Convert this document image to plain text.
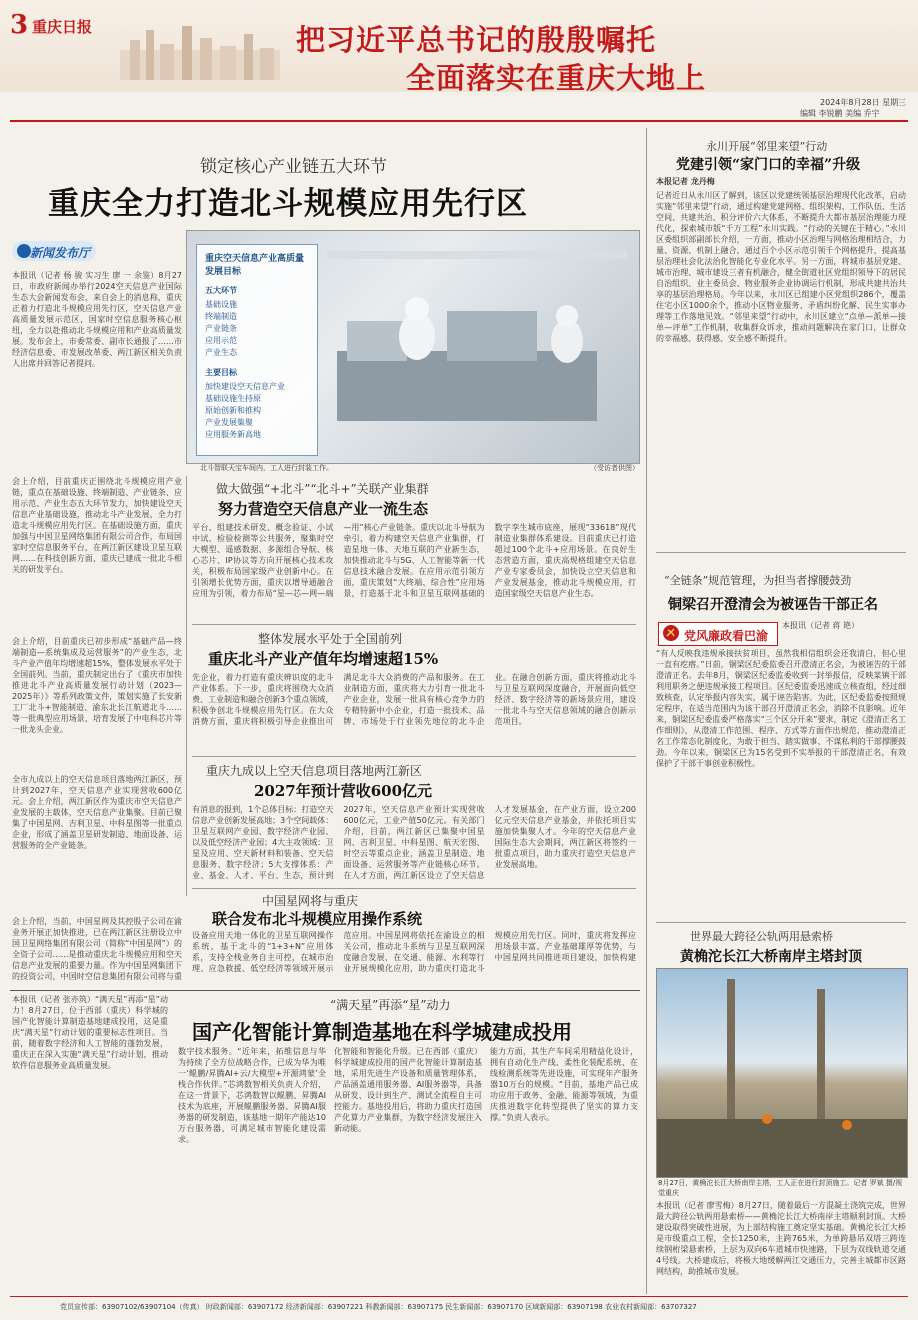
3 重庆日报	把习近平总书记的殷殷嘱托
全面落实在重庆大地上
2024年8月28日 星期三
编辑 李锐鹏 美编 乔宇
锁定核心产业链五大环节
重庆全力打造北斗规模应用先行区
新闻发布厅	重庆空天信息产业高质量发展目标
五大环节
基础设施
终端制造
产业链条
应用示范
产业生态
主要目标
加快建设空天信息产业
基础设施生持原
原始创新和推构
产业发展集聚
应用服务新高地
北斗智联天宝车间内，工人进行封装工作。	（受访者供图）
本报讯（记者 杨 骏 实习生 廖 一 余鉴）8月27日，市政府新闻办举行2024空天信息产业国际生态大会新闻发布会，来自会上的消息称，重庆正着力打造北斗规模应用先行区，空天信息产业高质量发展示范区，国家时空信息服务核心枢纽，全力以赴推动北斗规模应用和产业高质量发展。发布会上，市委常委、副市长通报了……市经济信息委、市发展改革委、两江新区相关负责人出席并回答记者提问。
会上介绍，目前重庆正围绕北斗规模应用产业链，重点在基础设施、终端制造、产业链条、应用示范、产业生态五大环节发力，加快建设空天信息产业基础设施，推动北斗产业发展，全力打造北斗规模应用先行区。在基础设施方面，重庆加强与中国卫星网络集团有限公司合作，布局国家时空信息服务平台，在两江新区建设卫星互联网……在科技创新方面，重庆已建成一批北斗相关的研发平台。
会上介绍，目前重庆已初步形成“基础产品—终端制造—系统集成及运营服务”的产业生态，北斗产业产值年均增速超15%，整体发展水平处于全国前列。当前，重庆制定出台了《重庆市加快推进北斗产业高质量发展行动计划（2023—2025年）》等系列政策文件，策划实施了长安新工厂北斗+智能制造、渝东北长江航道北斗……等一批典型应用场景，培育发展了中电科芯片等一批龙头企业。
全市九成以上的空天信息项目落地两江新区，预计到2027年，空天信息产业实现营收600亿元。会上介绍，两江新区作为重庆市空天信息产业发展的主载体，空天信息产业集聚。目前已聚集了中国星网、吉利卫星、中科星图等一批重点企业，形成了涵盖卫星研发制造、地面设备、运营服务的全产业链条。
做大做强“+北斗”“北斗+”关联产业集群
努力营造空天信息产业一流生态
平台、组建技术研发、概念验证、小试中试、检验检测等公共服务，聚集时空大模型、遥感数据、多源组合导航、核心芯片、IP协议等方向开展核心技术攻关，积极布局国家级产业创新中心。在引领增长优势方面，重庆以增导通融合应用为引领，着力布局“星—芯—网—端—用”核心产业链条。重庆以北斗导航为牵引，着力构建空天信息产业集群，打造星地一体、天地互联的产业新生态，加快推动北斗与5G、人工智能等新一代信息技术融合发展。在应用示范引领方面，重庆策划“大终端、综合性”应用场景，打造基于北斗和卫星互联网基础的数字孪生城市底座，展现“33618”现代制造业集群体系建设。目前重庆已打造超过100个北斗+应用场景。在良好生态营造方面，重庆高规格组建空天信息产业专家委员会，加快设立空天信息和产业发展基金，推动北斗规模应用，打造国家级空天信息产业生态。
整体发展水平处于全国前列
重庆北斗产业产值年均增速超15%
先企业，着力打造有重庆辨识度的北斗产业体系。下一步，重庆将围绕大众消费、工业制造和融合创新3个重点领域，积极争创北斗规模应用先行区。在大众消费方面，重庆将积极引导企业推出可满足北斗大众消费的产品和服务。在工业制造方面，重庆将大力引育一批北斗产业企业，发展一批具有核心竞争力的专精特新中小企业，打造一批技术、品牌、市场处于行业领先地位的北斗企业。在融合创新方面，重庆将推动北斗与卫星互联网深度融合，开展面向低空经济、数字经济等的新场景应用，建设一批北斗与空天信息领域的融合创新示范项目。
重庆九成以上空天信息项目落地两江新区
2027年预计营收600亿元
有消息的报到，1个总体目标：打造空天信息产业创新发展高地；3个空间载体：卫星互联网产业园、数字经济产业园、以及低空经济产业园；4大主攻领域：卫星及应用、空天新材料和装备、空天信息服务、数字经济；5大支撑体系：产业、基金、人才、平台、生态，预计到2027年，空天信息产业预计实现营收600亿元，工业产值50亿元。有关部门介绍，目前，两江新区已集聚中国星网、吉利卫星、中科星图、航天宏图、时空云等重点企业，涵盖卫星制造、地面设备、运营服务等产业链核心环节。在人才方面，两江新区设立了空天信息人才发展基金，在产业方面，设立200亿元空天信息产业基金，并依托项目实施加快集聚人才。今年的空天信息产业国际生态大会期间，两江新区将签约一批重点项目，助力重庆打造空天信息产业发展高地。
中国星网将与重庆
联合发布北斗规模应用操作系统
会上介绍，当前，中国星网及其控股子公司在渝业务开展正加快推进，已在两江新区注册设立中国卫星网络集团有限公司（简称“中国星网”）的全资子公司……是推动重庆北斗规模应用和空天信息产业发展的重要力量。作为中国星网集团下的投资公司，中国时空信息集团有限公司将与重
设备应用天地一体化的卫星互联网操作系统，基于北斗的“1+3+N”应用体系，支持全栈业务自主可控，在城市治理、应急救援、低空经济等领域开展示范应用。中国星网将依托在渝设立的相关公司，推动北斗系统与卫星互联网深度融合发展，在交通、能源、水利等行业开展规模化应用，助力重庆打造北斗规模应用先行区。同时，重庆将发挥应用场景丰富、产业基础雄厚等优势，与中国星网共同推进项目建设，加快构建
永川开展“邻里来望”行动
党建引领“家门口的幸福”升级
本报记者 龙丹梅
记者近日从永川区了解到，该区以党建统领基层治理现代化改革，启动实施“邻里来望”行动，通过构建党建网格、组织架构、工作队伍、生活空间、共建共治、积分评价六大体系，不断提升大都市基层治理能力现代化，探索城市版“千万工程”永川实践。“行动的关键在于精心。”永川区委组织部副部长介绍，一方面，推动小区治理与网格治理相结合，力量、资源、机制上融合，通过百个小区示范引领千个网格提升，提高基层治理社会化法治化智能化专业化水平。另一方面，将城市基层党建、城市治理、城市建设三者有机融合，健全街道社区党组织领导下的居民自治组织、业主委员会、物业服务企业协调运行机制，形成共建共治共享的基层治理格局。今年以来，永川区已组建小区党组织286个，覆盖住宅小区1000余个，推动小区物业服务、矛盾纠纷化解、民生实事办理等工作落地见效。“邻里来望”行动中，永川区建立“点单—派单—接单—评单”工作机制，收集群众诉求，推动问题解决在家门口，让群众的幸福感、获得感、安全感不断提升。
“全链条”规范管理，为担当者撑腰鼓劲
铜梁召开澄清会为被诬告干部正名
党风廉政看巴渝
本报讯（记者 蒋 艳）
“有人反映我违规承接扶贫项目，虽然我相信组织会还我清白，但心里一直有疙瘩。”日前，铜梁区纪委监委召开澄清正名会，为被诬告的干部澄清正名。去年8月，铜梁区纪委监委收到一封举报信，反映某镇干部利用职务之便违规承接工程项目。区纪委监委迅速成立核查组，经过细致核查，认定举报内容失实，属于诬告陷害。为此，区纪委监委按照规定程序，在适当范围内为该干部召开澄清正名会，消除不良影响。近年来，铜梁区纪委监委严格落实“三个区分开来”要求，制定《澄清正名工作细则》，从澄清工作范围、程序、方式等方面作出规范，推动澄清正名工作常态化制度化，为敢于担当、踏实做事、不谋私利的干部撑腰鼓劲。今年以来，铜梁区已为15名受到不实举报的干部澄清正名，有效保护了干部干事创业积极性。
世界最大跨径公轨两用悬索桥
黄桷沱长江大桥南岸主塔封顶
8月27日，黄桷沱长江大桥南岸主塔，工人正在进行封顶施工。记者 罗斌 摄/视觉重庆
本报讯（记者 廖雪梅）8月27日，随着最后一方混凝土浇筑完成，世界最大跨径公轨两用悬索桥——黄桷沱长江大桥南岸主塔顺利封顶。大桥建设取得突破性进展，为上部结构施工奠定坚实基础。黄桷沱长江大桥是市级重点工程，全长1250米，主跨765米，为单跨悬吊双塔三跨连续钢桁梁悬索桥，上层为双向6车道城市快速路，下层为双线轨道交通4号线。大桥建成后，将极大地缓解两江交通压力，完善主城都市区路网结构，助推城市发展。
“满天星”再添“星”动力
国产化智能计算制造基地在科学城建成投用
本报讯（记者 张亦筑）“满天星”再添“星”动力！8月27日，位于西部（重庆）科学城的国产化智能计算制造基地建成投用，这是重庆“满天星”行动计划的重要标志性项目。当前，随着数字经济和人工智能的蓬勃发展，重庆正在深入实施“满天星”行动计划，推动软件信息服务业高质量发展。
数字技术服务。“近年来，拓维信息与华为持续了全方位战略合作，已成为华为唯一‘鲲鹏/昇腾AI+云/大模型+开源鸿蒙’全栈合作伙伴。”芯鸿数智相关负责人介绍，在这一背景下，芯鸿数智以鲲鹏、昇腾AI技术为底座，开展鲲鹏服务器、昇腾AI服务器的研发制造，该基地一期年产能达10万台服务器，可满足城市智能化建设需求。
化智能和智能化升级。已在西部（重庆）科学城建成投用的国产化智能计算制造基地，采用先进生产设备和质量管理体系，产品涵盖通用服务器、AI服务器等，具备从研发、设计到生产、测试全流程自主可控能力。基地投用后，将助力重庆打造国产化算力产业集群，为数字经济发展注入新动能。
能力方面，其生产车间采用精益化设计，拥有自动化生产线、柔性化装配系统、在线检测系统等先进设施，可实现年产服务器10万台的规模。“目前，基地产品已成功应用于政务、金融、能源等领域，为重庆推进数字化转型提供了坚实的算力支撑。”负责人表示。
党员宣传部：63907102/63907104（传真） 时政新闻部：63907172 经济新闻部：63907221 科教新闻部：63907175 民生新闻部：63907170 区域新闻部：63907198 农业农村新闻部：63707327
